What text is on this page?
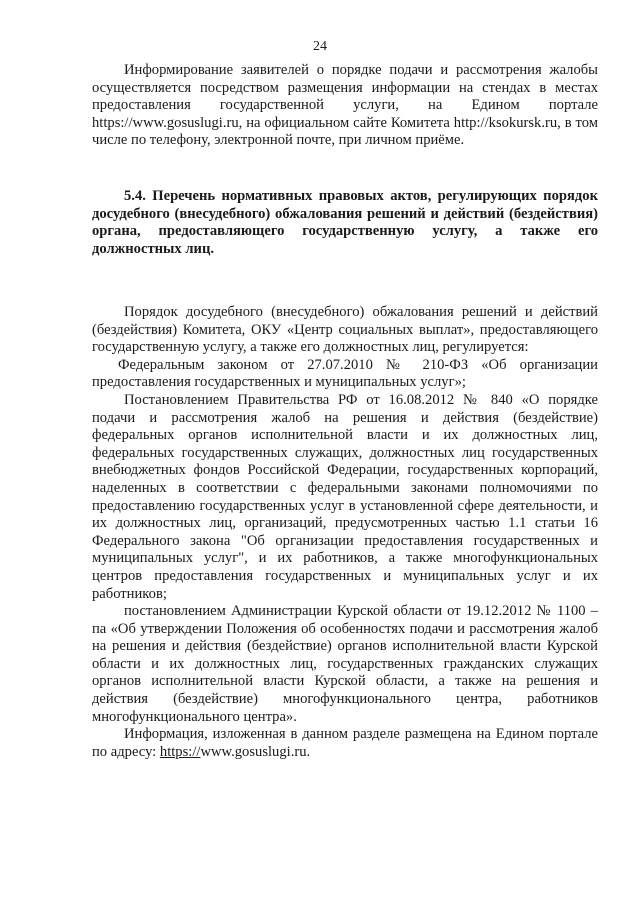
24

Информирование заявителей о порядке подачи и рассмотрения жалобы осуществляется посредством размещения информации на стендах в местах предоставления государственной услуги, на Едином портале https://www.gosuslugi.ru, на официальном сайте Комитета http://ksokursk.ru, в том числе по телефону, электронной почте, при личном приёме.

5.4. Перечень нормативных правовых актов, регулирующих порядок досудебного (внесудебного) обжалования решений и действий (бездействия) органа, предоставляющего государственную услугу, а также его должностных лиц.

Порядок досудебного (внесудебного) обжалования решений и действий (бездействия) Комитета, ОКУ «Центр социальных выплат», предоставляющего государственную услугу, а также его должностных лиц, регулируется:

Федеральным законом от 27.07.2010 № 210-ФЗ «Об организации предоставления государственных и муниципальных услуг»;

Постановлением Правительства РФ от 16.08.2012 № 840 «О порядке подачи и рассмотрения жалоб на решения и действия (бездействие) федеральных органов исполнительной власти и их должностных лиц, федеральных государственных служащих, должностных лиц государственных внебюджетных фондов Российской Федерации, государственных корпораций, наделенных в соответствии с федеральными законами полномочиями по предоставлению государственных услуг в установленной сфере деятельности, и их должностных лиц, организаций, предусмотренных частью 1.1 статьи 16 Федерального закона "Об организации предоставления государственных и муниципальных услуг", и их работников, а также многофункциональных центров предоставления государственных и муниципальных услуг и их работников;

постановлением Администрации Курской области от 19.12.2012 № 1100 – па «Об утверждении Положения об особенностях подачи и рассмотрения жалоб на решения и действия (бездействие) органов исполнительной власти Курской области и их должностных лиц, государственных гражданских служащих органов исполнительной власти Курской области, а также на решения и действия (бездействие) многофункционального центра, работников многофункционального центра».

Информация, изложенная в данном разделе размещена на Едином портале по адресу: https://www.gosuslugi.ru.
